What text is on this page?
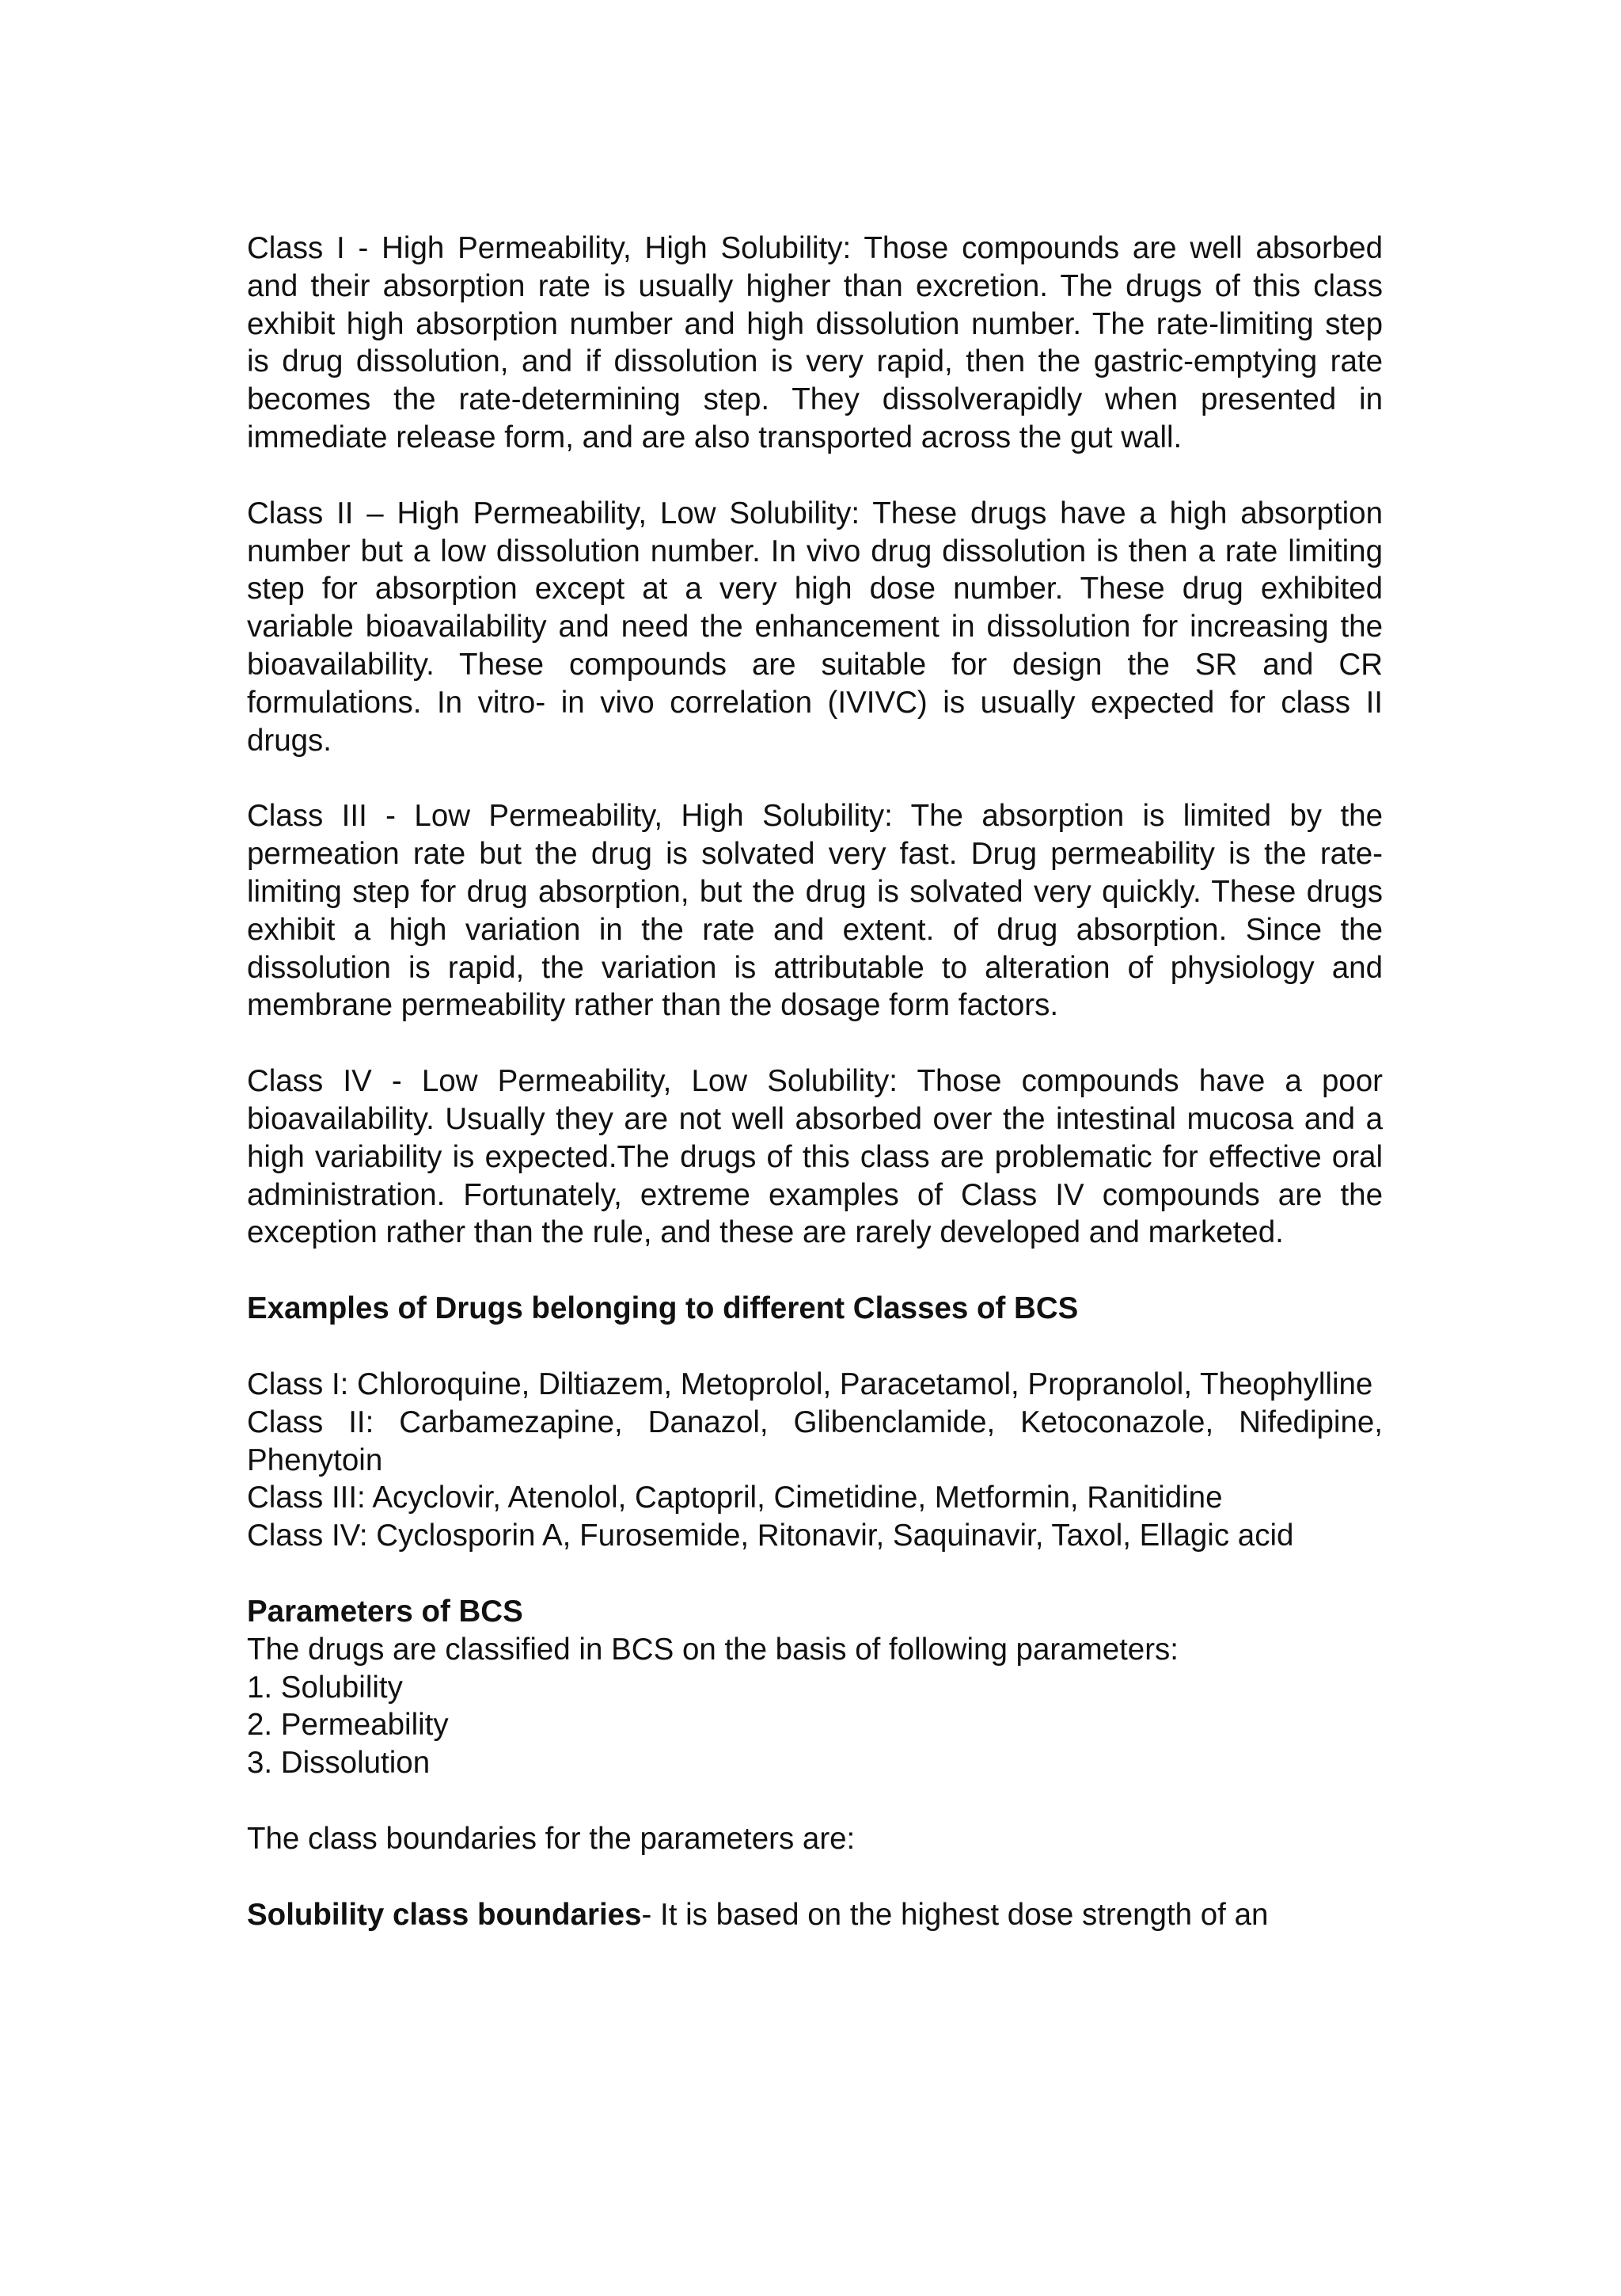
Class I - High Permeability, High Solubility: Those compounds are well absorbed and their absorption rate is usually higher than excretion. The drugs of this class exhibit high absorption number and high dissolution number. The rate-limiting step is drug dissolution, and if dissolution is very rapid, then the gastric-emptying rate becomes the rate-determining step. They dissolverapidly when presented in immediate release form, and are also transported across the gut wall.

Class II – High Permeability, Low Solubility: These drugs have a high absorption number but a low dissolution number. In vivo drug dissolution is then a rate limiting step for absorption except at a very high dose number. These drug exhibited variable bioavailability and need the enhancement in dissolution for increasing the bioavailability. These compounds are suitable for design the SR and CR formulations. In vitro- in vivo correlation (IVIVC) is usually expected for class II drugs.

Class III - Low Permeability, High Solubility: The absorption is limited by the permeation rate but the drug is solvated very fast. Drug permeability is the rate-limiting step for drug absorption, but the drug is solvated very quickly. These drugs exhibit a high variation in the rate and extent. of drug absorption. Since the dissolution is rapid, the variation is attributable to alteration of physiology and membrane permeability rather than the dosage form factors.

Class IV - Low Permeability, Low Solubility: Those compounds have a poor bioavailability. Usually they are not well absorbed over the intestinal mucosa and a high variability is expected.The drugs of this class are problematic for effective oral administration. Fortunately, extreme examples of Class IV compounds are the exception rather than the rule, and these are rarely developed and marketed.

Examples of Drugs belonging to different Classes of BCS

Class I: Chloroquine, Diltiazem, Metoprolol, Paracetamol, Propranolol, Theophylline

Class II: Carbamezapine, Danazol, Glibenclamide, Ketoconazole, Nifedipine, Phenytoin

Class III: Acyclovir, Atenolol, Captopril, Cimetidine, Metformin, Ranitidine

Class IV: Cyclosporin A, Furosemide, Ritonavir, Saquinavir, Taxol, Ellagic acid

Parameters of BCS

The drugs are classified in BCS on the basis of following parameters:

1. Solubility
2. Permeability
3. Dissolution

The class boundaries for the parameters are:

Solubility class boundaries- It is based on the highest dose strength of an
